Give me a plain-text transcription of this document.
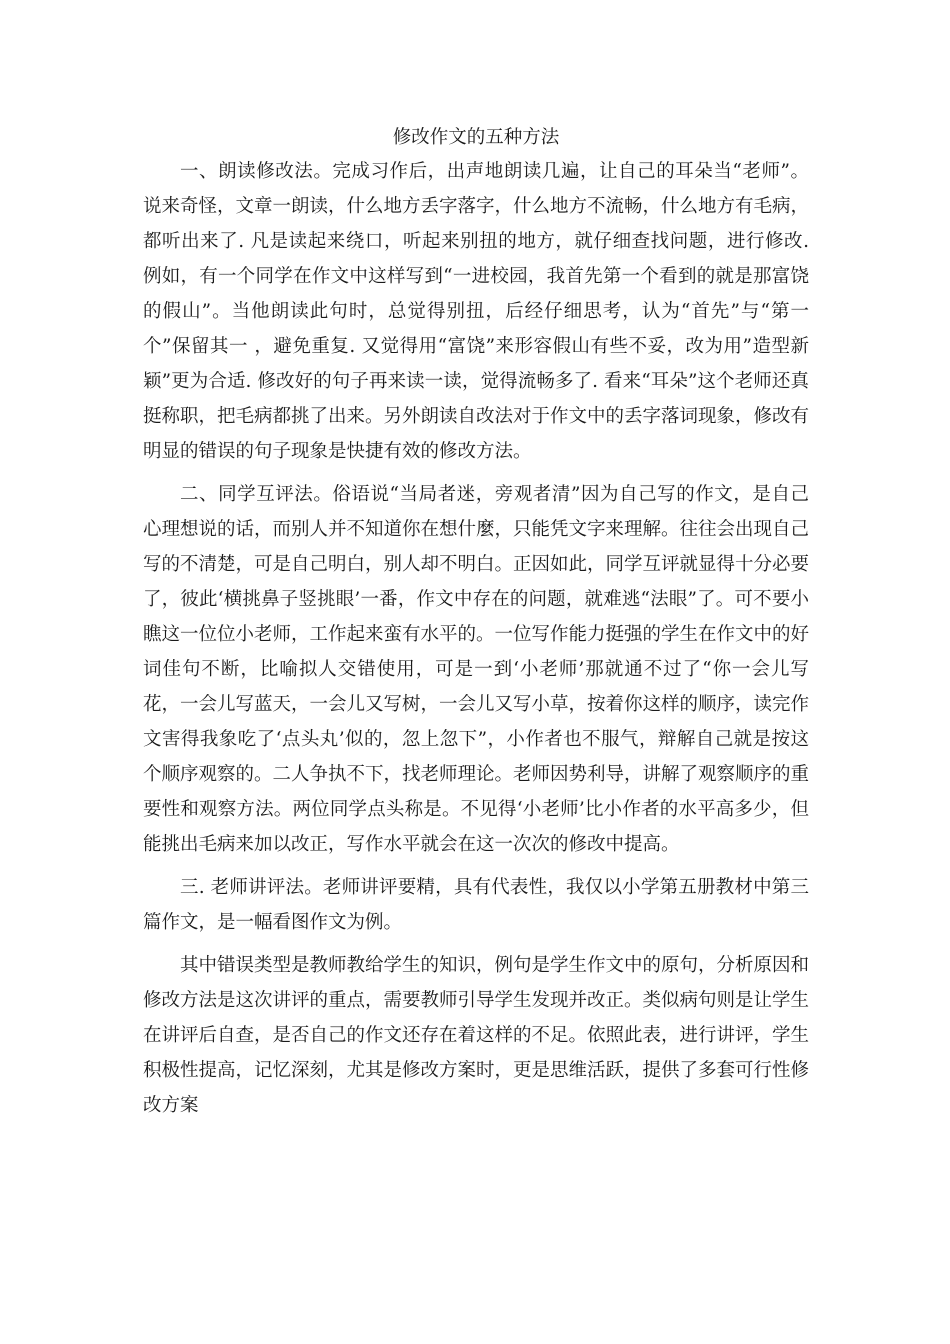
修改作文的五种方法

一、朗读修改法。完成习作后，出声地朗读几遍，让自己的耳朵当“老师”。说来奇怪，文章一朗读，什么地方丢字落字，什么地方不流畅，什么地方有毛病，都听出来了. 凡是读起来绕口，听起来别扭的地方，就仔细查找问题，进行修改. 例如，有一个同学在作文中这样写到“一进校园，我首先第一个看到的就是那富饶的假山”。当他朗读此句时，总觉得别扭，后经仔细思考，认为“首先”与“第一个”保留其一 ，避免重复. 又觉得用“富饶”来形容假山有些不妥，改为用”造型新颖”更为合适. 修改好的句子再来读一读，觉得流畅多了. 看来“耳朵”这个老师还真挺称职，把毛病都挑了出来。另外朗读自改法对于作文中的丢字落词现象，修改有明显的错误的句子现象是快捷有效的修改方法。

二、同学互评法。俗语说“当局者迷，旁观者清”因为自己写的作文，是自己心理想说的话，而别人并不知道你在想什麼，只能凭文字来理解。往往会出现自己写的不清楚，可是自己明白，别人却不明白。正因如此，同学互评就显得十分必要了，彼此‘横挑鼻子竖挑眼’一番，作文中存在的问题，就难逃“法眼”了。可不要小瞧这一位位小老师，工作起来蛮有水平的。一位写作能力挺强的学生在作文中的好词佳句不断，比喻拟人交错使用，可是一到‘小老师’那就通不过了“你一会儿写花，一会儿写蓝天，一会儿又写树，一会儿又写小草，按着你这样的顺序，读完作文害得我象吃了‘点头丸’似的，忽上忽下”，小作者也不服气，辩解自己就是按这个顺序观察的。二人争执不下，找老师理论。老师因势利导，讲解了观察顺序的重要性和观察方法。两位同学点头称是。不见得‘小老师’比小作者的水平高多少，但能挑出毛病来加以改正，写作水平就会在这一次次的修改中提高。

三. 老师讲评法。老师讲评要精，具有代表性，我仅以小学第五册教材中第三篇作文，是一幅看图作文为例。

其中错误类型是教师教给学生的知识，例句是学生作文中的原句，分析原因和修改方法是这次讲评的重点，需要教师引导学生发现并改正。类似病句则是让学生在讲评后自查，是否自己的作文还存在着这样的不足。依照此表，进行讲评，学生积极性提高，记忆深刻，尤其是修改方案时，更是思维活跃，提供了多套可行性修改方案
